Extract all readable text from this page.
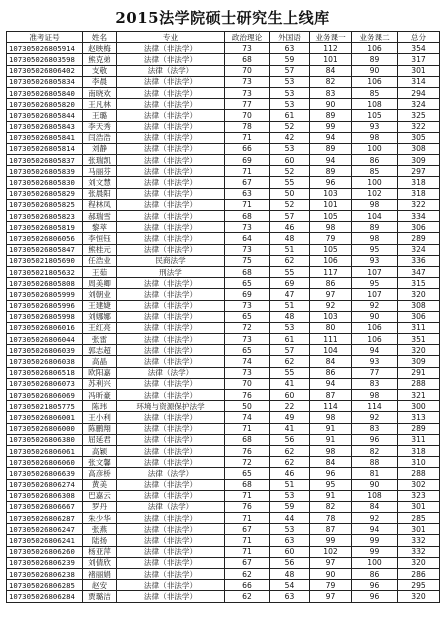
2015法学院硕士研究生上线库
准考证号	姓名	专业	政治理论	外国语	业务课一	业务课二	总分
107305026805914	赵映梅	法律（非法学）	73	63	112	106	354
107305026803598	熊克弟	法律（非法学）	68	59	101	89	317
107305026806402	支敬	法律（法学）	70	57	84	90	301
107305026805834	李晨	法律（非法学）	73	53	82	106	314
107305026805840	南晓欢	法律（非法学）	73	53	83	85	294
107305026805820	王凡林	法律（非法学）	77	53	90	108	324
107305026805844	王璐	法律（非法学）	70	61	89	105	325
107305026805843	李天秀	法律（非法学）	78	52	99	93	322
107305026805841	闫浩浩	法律（非法学）	71	42	94	98	305
107305026805814	刘静	法律（非法学）	66	53	89	100	308
107305026805837	张瑞凯	法律（非法学）	69	60	94	86	309
107305026805839	马丽芬	法律（非法学）	71	52	89	85	297
107305026805830	刘文慧	法律（非法学）	67	55	96	100	318
107305026805829	张晨阳	法律（非法学）	63	50	103	102	318
107305026805825	程林凤	法律（非法学）	71	52	101	98	322
107305026805823	郝瑞雪	法律（非法学）	68	57	105	104	334
107305026805819	黎萃	法律（非法学）	73	46	98	89	306
107305026806056	李恒钰	法律（非法学）	64	48	79	98	289
107305026805847	熊桂元	法律（非法学）	73	51	105	95	324
107305021805690	任浩业	民商法学	75	62	106	93	336
107305021805632	王茹	刑法学	68	55	117	107	347
107305026805808	周美卿	法律（非法学）	65	69	86	95	315
107305026805999	刘朝业	法律（非法学）	69	47	97	107	320
107305026805996	王建婕	法律（非法学）	73	51	92	92	308
107305026805998	刘娜娜	法律（非法学）	65	48	103	90	306
107305026806016	王红亮	法律（非法学）	72	53	80	106	311
107305026806044	张雷	法律（非法学）	73	61	111	106	351
107305026806039	郭志超	法律（非法学）	65	57	104	94	320
107305026806038	高晶	法律（非法学）	74	62	84	93	309
107305026806518	欧阳嘉	法律（法学）	73	55	86	77	291
107305026806073	苏利兴	法律（非法学）	70	41	94	83	288
107305026806069	冯昕豪	法律（非法学）	76	60	87	98	321
107305021805775	陈玮	环境与资源保护法学	50	22	114	114	300
107305026806001	王小利	法律（非法学）	74	49	98	92	313
107305026806000	陈鹏翔	法律（非法学）	71	41	91	83	289
107305026806380	屈延君	法律（非法学）	68	56	91	96	311
107305026806061	高颖	法律（非法学）	76	62	98	82	318
107305026806060	张文馨	法律（非法学）	72	62	84	88	310
107305026806639	高彦桥	法律（法学）	65	46	96	81	288
107305026806274	黄美	法律（非法学）	68	51	95	90	302
107305026806308	巴嘉云	法律（非法学）	71	53	91	108	323
107305026806667	罗丹	法律（法学）	76	59	82	84	301
107305026806287	朱少华	法律（非法学）	71	44	78	92	285
107305026806247	张燕	法律（非法学）	67	53	87	94	301
107305026806241	陆扬	法律（非法学）	71	63	99	99	332
107305026806260	杨亚萍	法律（非法学）	71	60	102	99	332
107305026806239	刘倩欣	法律（非法学）	67	56	97	100	320
107305026806238	褚丽娟	法律（非法学）	62	48	90	86	286
107305026806285	赵安	法律（非法学）	66	54	79	96	295
107305026806284	贾璐洁	法律（非法学）	62	63	97	96	320
